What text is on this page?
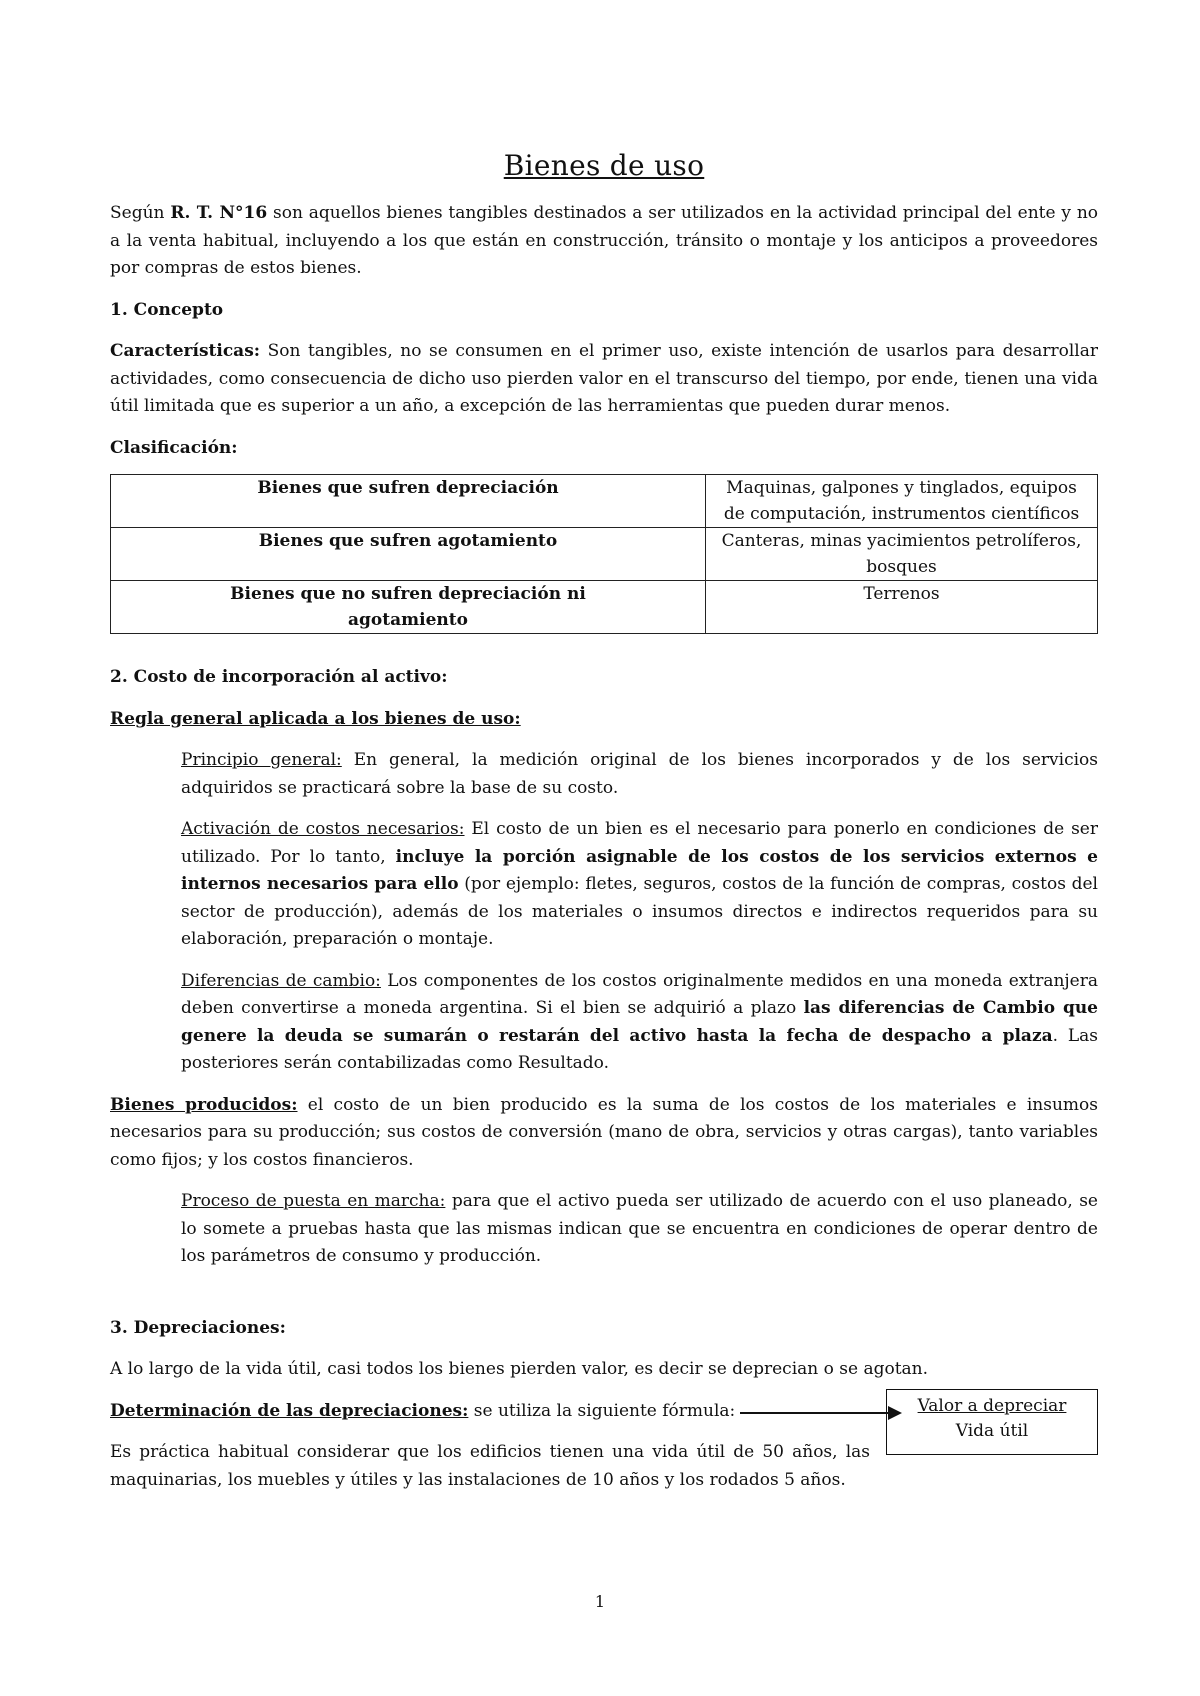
Bienes de uso

Según R. T. N°16 son aquellos bienes tangibles destinados a ser utilizados en la actividad principal del ente y no a la venta habitual, incluyendo a los que están en construcción, tránsito o montaje y los anticipos a proveedores por compras de estos bienes.

1. Concepto

Características: Son tangibles, no se consumen en el primer uso, existe intención de usarlos para desarrollar actividades, como consecuencia de dicho uso pierden valor en el transcurso del tiempo, por ende, tienen una vida útil limitada que es superior a un año, a excepción de las herramientas que pueden durar menos.

Clasificación:

Bienes que sufren depreciación	Maquinas, galpones y tinglados, equipos de computación, instrumentos científicos
Bienes que sufren agotamiento	Canteras, minas yacimientos petrolíferos, bosques
Bienes que no sufren depreciación ni agotamiento	Terrenos

2. Costo de incorporación al activo:

Regla general aplicada a los bienes de uso:

Principio general: En general, la medición original de los bienes incorporados y de los servicios adquiridos se practicará sobre la base de su costo.

Activación de costos necesarios: El costo de un bien es el necesario para ponerlo en condiciones de ser utilizado. Por lo tanto, incluye la porción asignable de los costos de los servicios externos e internos necesarios para ello (por ejemplo: fletes, seguros, costos de la función de compras, costos del sector de producción), además de los materiales o insumos directos e indirectos requeridos para su elaboración, preparación o montaje.

Diferencias de cambio: Los componentes de los costos originalmente medidos en una moneda extranjera deben convertirse a moneda argentina. Si el bien se adquirió a plazo las diferencias de Cambio que genere la deuda se sumarán o restarán del activo hasta la fecha de despacho a plaza. Las posteriores serán contabilizadas como Resultado.

Bienes producidos: el costo de un bien producido es la suma de los costos de los materiales e insumos necesarios para su producción; sus costos de conversión (mano de obra, servicios y otras cargas), tanto variables como fijos; y los costos financieros.

Proceso de puesta en marcha: para que el activo pueda ser utilizado de acuerdo con el uso planeado, se lo somete a pruebas hasta que las mismas indican que se encuentra en condiciones de operar dentro de los parámetros de consumo y producción.

3. Depreciaciones:

A lo largo de la vida útil, casi todos los bienes pierden valor, es decir se deprecian o se agotan.

Determinación de las depreciaciones: se utiliza la siguiente fórmula:	Valor a depreciar
Vida útil

Es práctica habitual considerar que los edificios tienen una vida útil de 50 años, las maquinarias, los muebles y útiles y las instalaciones de 10 años y los rodados 5 años.

1
